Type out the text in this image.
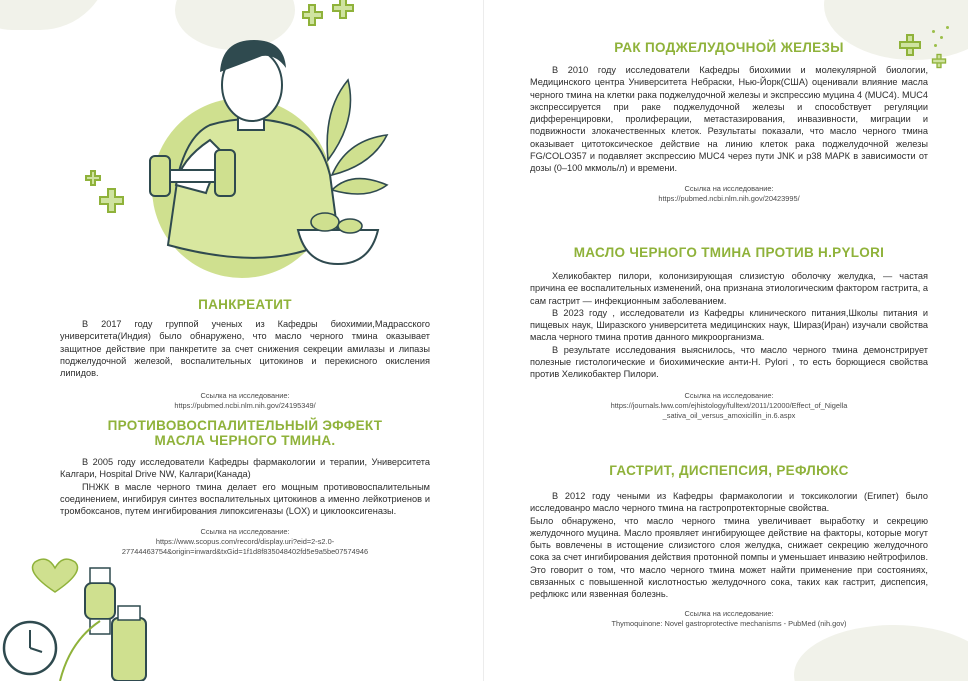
ПАНКРЕАТИТ

В 2017 году группой ученых из Кафедры биохимии,Мадрасского университета(Индия) было обнаружено, что масло черного тмина оказывает защитное действие при панкретите за счет снижения секреции амилазы и липазы поджелудочной железой, воспалительных цитокинов и перекисного окисления липидов.

Ссылка на исследование:
https://pubmed.ncbi.nlm.nih.gov/24195349/
ПРОТИВОВОСПАЛИТЕЛЬНЫЙ ЭФФЕКТ
МАСЛА ЧЕРНОГО ТМИНА.

В 2005 году исследователи Кафедры фармакологии и терапии, Университета Калгари, Hospital Drive NW, Калгари(Канада)

ПНЖК в масле черного тмина делает его мощным противовоспалительным соединением, ингибируя синтез воспалительных цитокинов а именно лейкотриенов и тромбоксанов, путем ингибирования липоксигеназы (LOX) и циклооксигеназы.

Ссылка на исследование:
https://www.scopus.com/record/display.uri?eid=2-s2.0-27744463754&origin=inward&txGid=1f1d8f835048402fd5e9a5be07574946
РАК ПОДЖЕЛУДОЧНОЙ ЖЕЛЕЗЫ

В 2010 году исследователи Кафедры биохимии и молекулярной биологии, Медицинского центра Университета Небраски, Нью-Йорк(США) оценивали влияние масла черного тмина на клетки рака поджелудочной железы и экспрессию муцина 4 (MUC4). MUC4 экспрессируется при раке поджелудочной железы и способствует регуляции дифференцировки, пролиферации, метастазирования, инвазивности, миграции и подвижности злокачественных клеток. Результаты показали, что масло черного тмина оказывает цитотоксическое действие на линию клеток рака поджелудочной железы FG/COLO357 и подавляет экспрессию MUC4 через пути JNK и p38 МАРК в зависимости от дозы (0–100 мкмоль/л) и времени.

Ссылка на исследование:
https://pubmed.ncbi.nlm.nih.gov/20423995/
МАСЛО ЧЕРНОГО ТМИНА ПРОТИВ H.PYLORI

Хеликобактер пилори, колонизирующая слизистую оболочку желудка, — частая причина ее воспалительных изменений, она признана этиологическим фактором гастрита, а сам гастрит — инфекционным заболеванием.

В 2023 году , исследователи из Кафедры клинического питания,Школы питания и пищевых наук, Ширазского университета медицинских наук, Шираз(Иран) изучали свойства масла черного тмина против данного микроорганизма.

В результате исследования выяснилось, что масло черного тмина демонстрирует полезные гистологические и биохимические анти-H. Pylori , то есть борющиеся свойства против Хеликобактер Пилори.

Ссылка на исследование:
https://journals.lww.com/ejhistology/fulltext/2011/12000/Effect_of_Nigella_sativa_oil_versus_amoxicillin_in.6.aspx
ГАСТРИТ, ДИСПЕПСИЯ, РЕФЛЮКС

В 2012 году чеными из Кафедры фармакологии и токсикологии (Египет) было исследованро масло черного тмина на гастропротекторные свойства.

Было обнаружено, что масло черного тмина увеличивает выработку и секрецию желудочного муцина. Масло проявляет ингибирующее действие на факторы, которые могут быть вовлечены в истощение слизистого слоя желудка, снижает секрецию желудочного сока за счет ингибирования действия протонной помпы и уменьшает инвазию нейтрофилов. Это говорит о том, что масло черного тмина может найти применение при состояниях, связанных с повышенной кислотностью желудочного сока, таких как гастрит, диспепсия, рефлюкс или язвенная болезнь.

Ссылка на исследование:
Thymoquinone: Novel gastroprotective mechanisms - PubMed (nih.gov)
